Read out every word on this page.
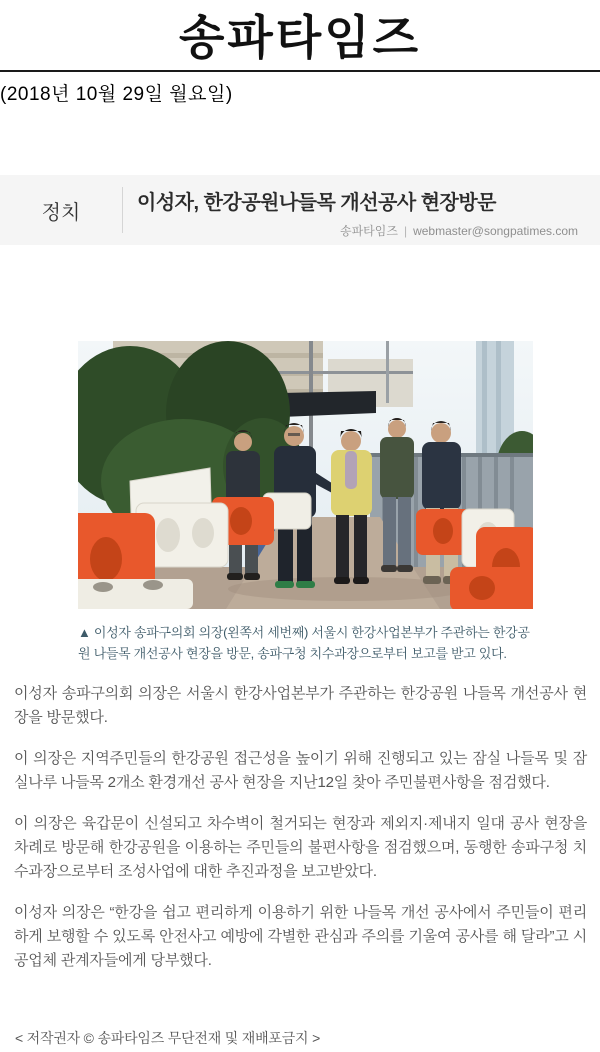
송파타임즈
(2018년 10월 29일 월요일)
정치	이성자, 한강공원나들목 개선공사 현장방문
송파타임즈 | webmaster@songpatimes.com
▲ 이성자 송파구의회 의장(왼쪽서 세번째) 서울시 한강사업본부가 주관하는 한강공원 나들목 개선공사 현장을 방문, 송파구청 치수과장으로부터 보고를 받고 있다.

이성자 송파구의회 의장은 서울시 한강사업본부가 주관하는 한강공원 나들목 개선공사 현장을 방문했다.

이 의장은 지역주민들의 한강공원 접근성을 높이기 위해 진행되고 있는 잠실 나들목 및 잠실나루 나들목 2개소 환경개선 공사 현장을 지난12일 찾아 주민불편사항을 점검했다.

이 의장은 육갑문이 신설되고 차수벽이 철거되는 현장과 제외지·제내지 일대 공사 현장을 차례로 방문해 한강공원을 이용하는 주민들의 불편사항을 점검했으며, 동행한 송파구청 치수과장으로부터 조성사업에 대한 추진과정을 보고받았다.

이성자 의장은 “한강을 쉽고 편리하게 이용하기 위한 나들목 개선 공사에서 주민들이 편리하게 보행할 수 있도록 안전사고 예방에 각별한 관심과 주의를 기울여 공사를 해 달라”고 시공업체 관계자들에게 당부했다.

< 저작권자 © 송파타임즈 무단전재 및 재배포금지 >
